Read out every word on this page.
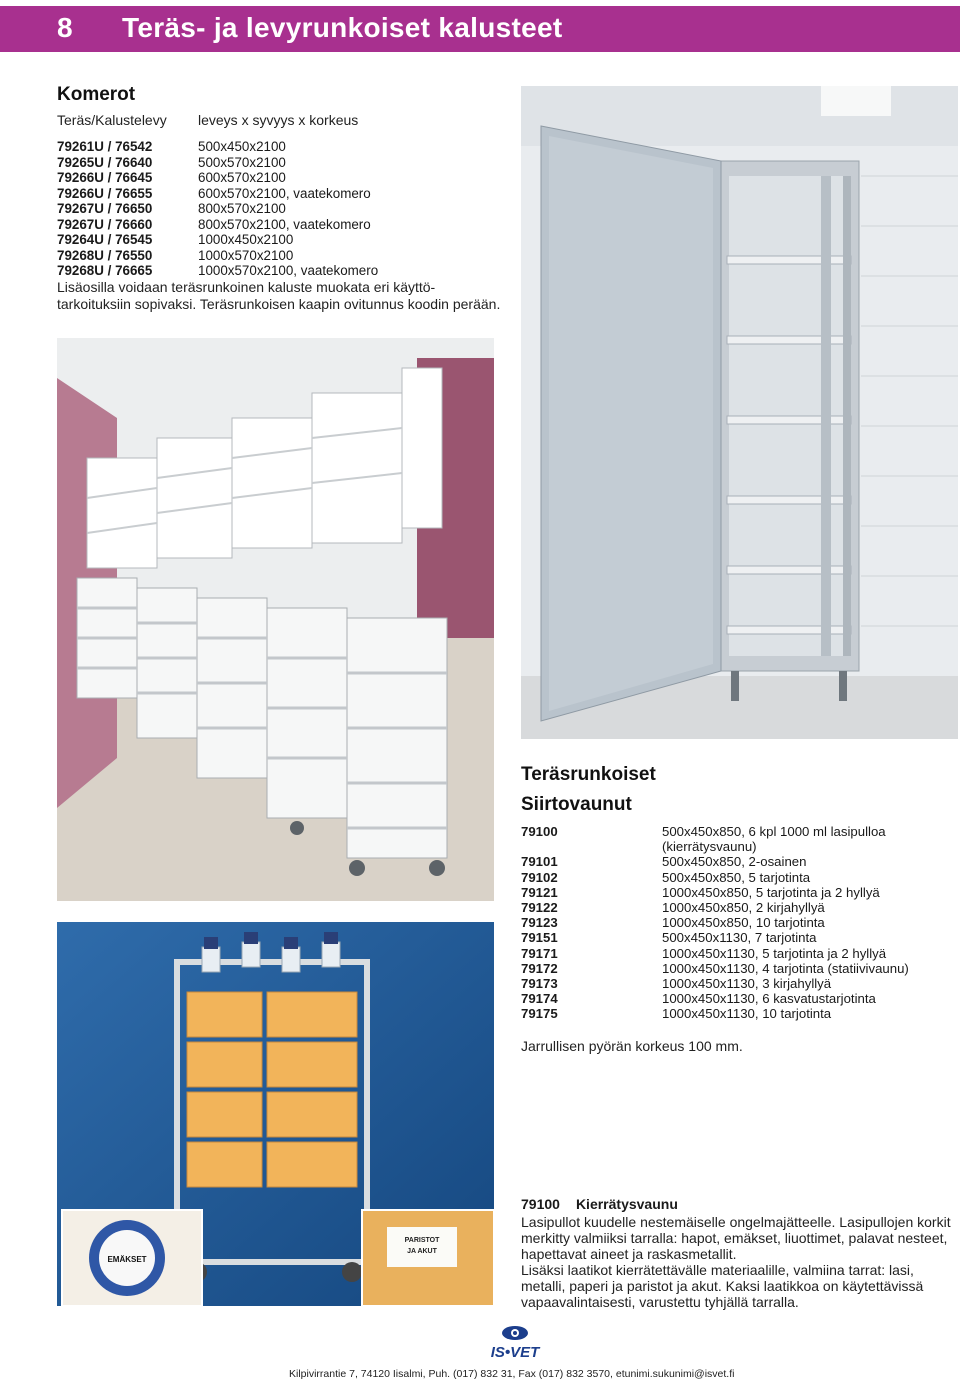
8 Teräs- ja levyrunkoiset kalusteet
Komerot
Teräs/Kalustelevy leveys x syvyys x korkeus
79261U / 76542	500x450x2100
79265U / 76640	500x570x2100
79266U / 76645	600x570x2100
79266U / 76655	600x570x2100, vaatekomero
79267U / 76650	800x570x2100
79267U / 76660	800x570x2100, vaatekomero
79264U / 76545	1000x450x2100
79268U / 76550	1000x570x2100
79268U / 76665	1000x570x2100, vaatekomero
Lisäosilla voidaan teräsrunkoinen kaluste muokata eri käyttö-tarkoituksiin sopivaksi. Teräsrunkoisen kaapin ovitunnus koodin perään.
EMÄKSET
PARISTOT
JA AKUT
Teräsrunkoiset
Siirtovaunut
79100	500x450x850, 6 kpl 1000 ml lasipulloa (kierrätysvaunu)
79101	500x450x850, 2-osainen
79102	500x450x850, 5 tarjotinta
79121	1000x450x850, 5 tarjotinta ja 2 hyllyä
79122	1000x450x850, 2 kirjahyllyä
79123	1000x450x850, 10 tarjotinta
79151	500x450x1130, 7 tarjotinta
79171	1000x450x1130, 5 tarjotinta ja 2 hyllyä
79172	1000x450x1130, 4 tarjotinta (statiivivaunu)
79173	1000x450x1130, 3 kirjahyllyä
79174	1000x450x1130, 6 kasvatustarjotinta
79175	1000x450x1130, 10 tarjotinta
Jarrullisen pyörän korkeus 100 mm.
79100 Kierrätysvaunu
Lasipullot kuudelle nestemäiselle ongelmajätteelle. Lasipullojen korkit merkitty valmiiksi tarralla: hapot, emäkset, liuottimet, palavat nesteet, hapettavat aineet ja raskasmetallit.
Lisäksi laatikot kierrätettävälle materiaalille, valmiina tarrat: lasi, metalli, paperi ja paristot ja akut. Kaksi laatikkoa on käytettävissä vapaavalintaisesti, varustettu tyhjällä tarralla.
IS•VET
Kilpivirrantie 7, 74120 Iisalmi, Puh. (017) 832 31, Fax (017) 832 3570, etunimi.sukunimi@isvet.fi
